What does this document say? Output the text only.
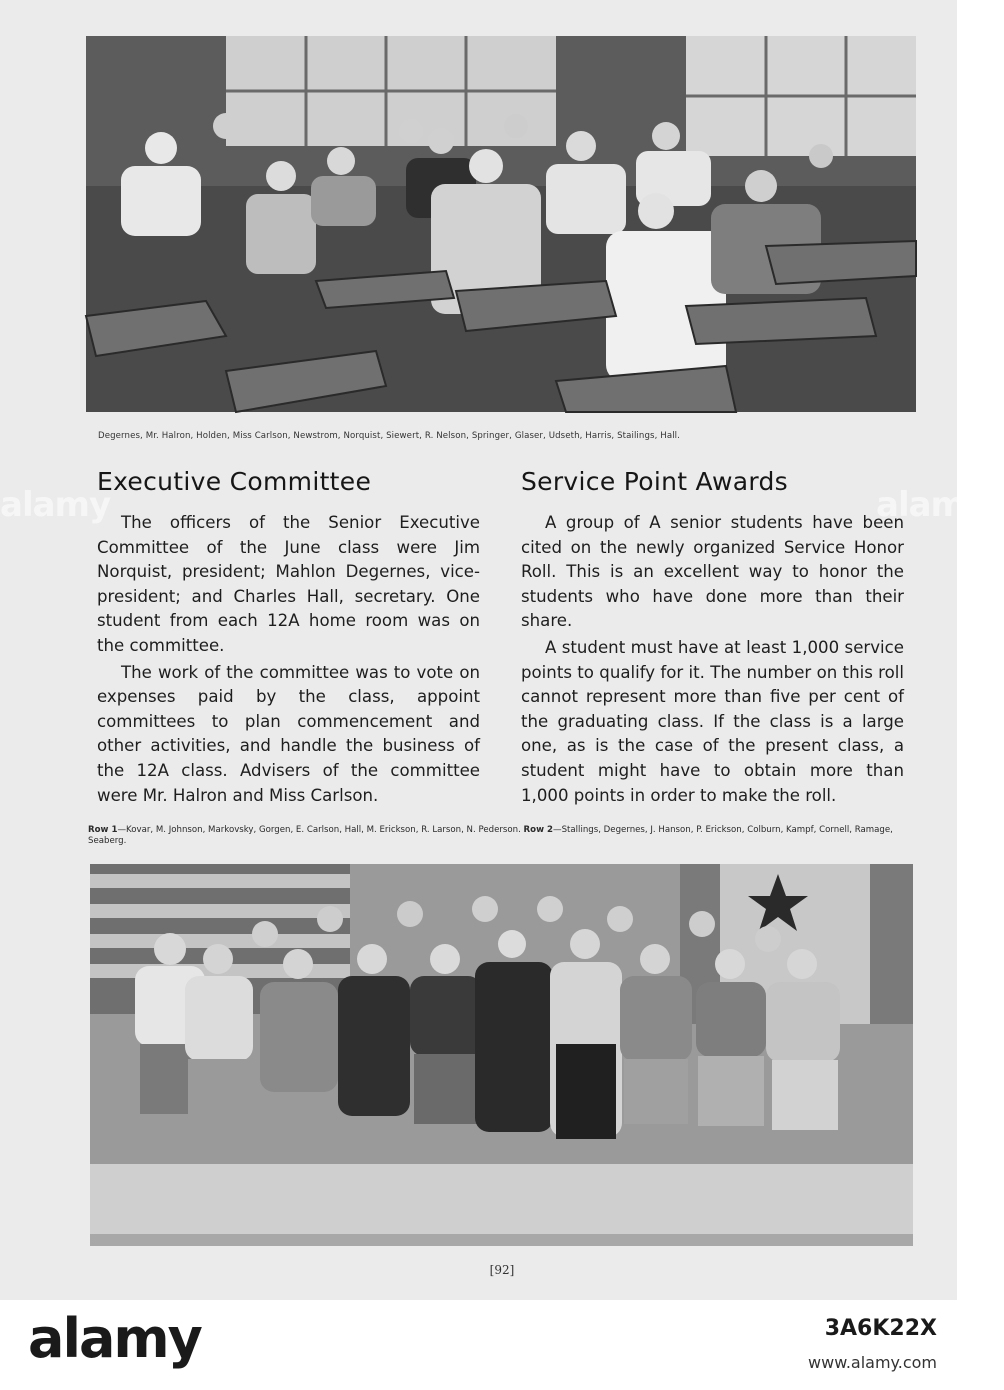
Degernes, Mr. Halron, Holden, Miss Carlson, Newstrom, Norquist, Siewert, R. Nelson, Springer, Glaser, Udseth, Harris, Stailings, Hall.
Executive Committee

The officers of the Senior Executive Committee of the June class were Jim Norquist, president; Mahlon Degernes, vice-president; and Charles Hall, secretary. One student from each 12A home room was on the committee.

The work of the committee was to vote on expenses paid by the class, appoint committees to plan commencement and other activities, and handle the business of the 12A class. Advisers of the committee were Mr. Halron and Miss Carlson.

Service Point Awards

A group of A senior students have been cited on the newly organized Service Honor Roll. This is an excellent way to honor the students who have done more than their share.

A student must have at least 1,000 service points to qualify for it. The number on this roll cannot represent more than five per cent of the graduating class. If the class is a large one, as is the case of the present class, a student might have to obtain more than 1,000 points in order to make the roll.

Row 1—Kovar, M. Johnson, Markovsky, Gorgen, E. Carlson, Hall, M. Erickson, R. Larson, N. Pederson. Row 2—Stallings, Degernes, J. Hanson, P. Erickson, Colburn, Kampf, Cornell, Ramage, Seaberg.
[92]
alamy	alamy
alamy	3A6K22X
www.alamy.com
